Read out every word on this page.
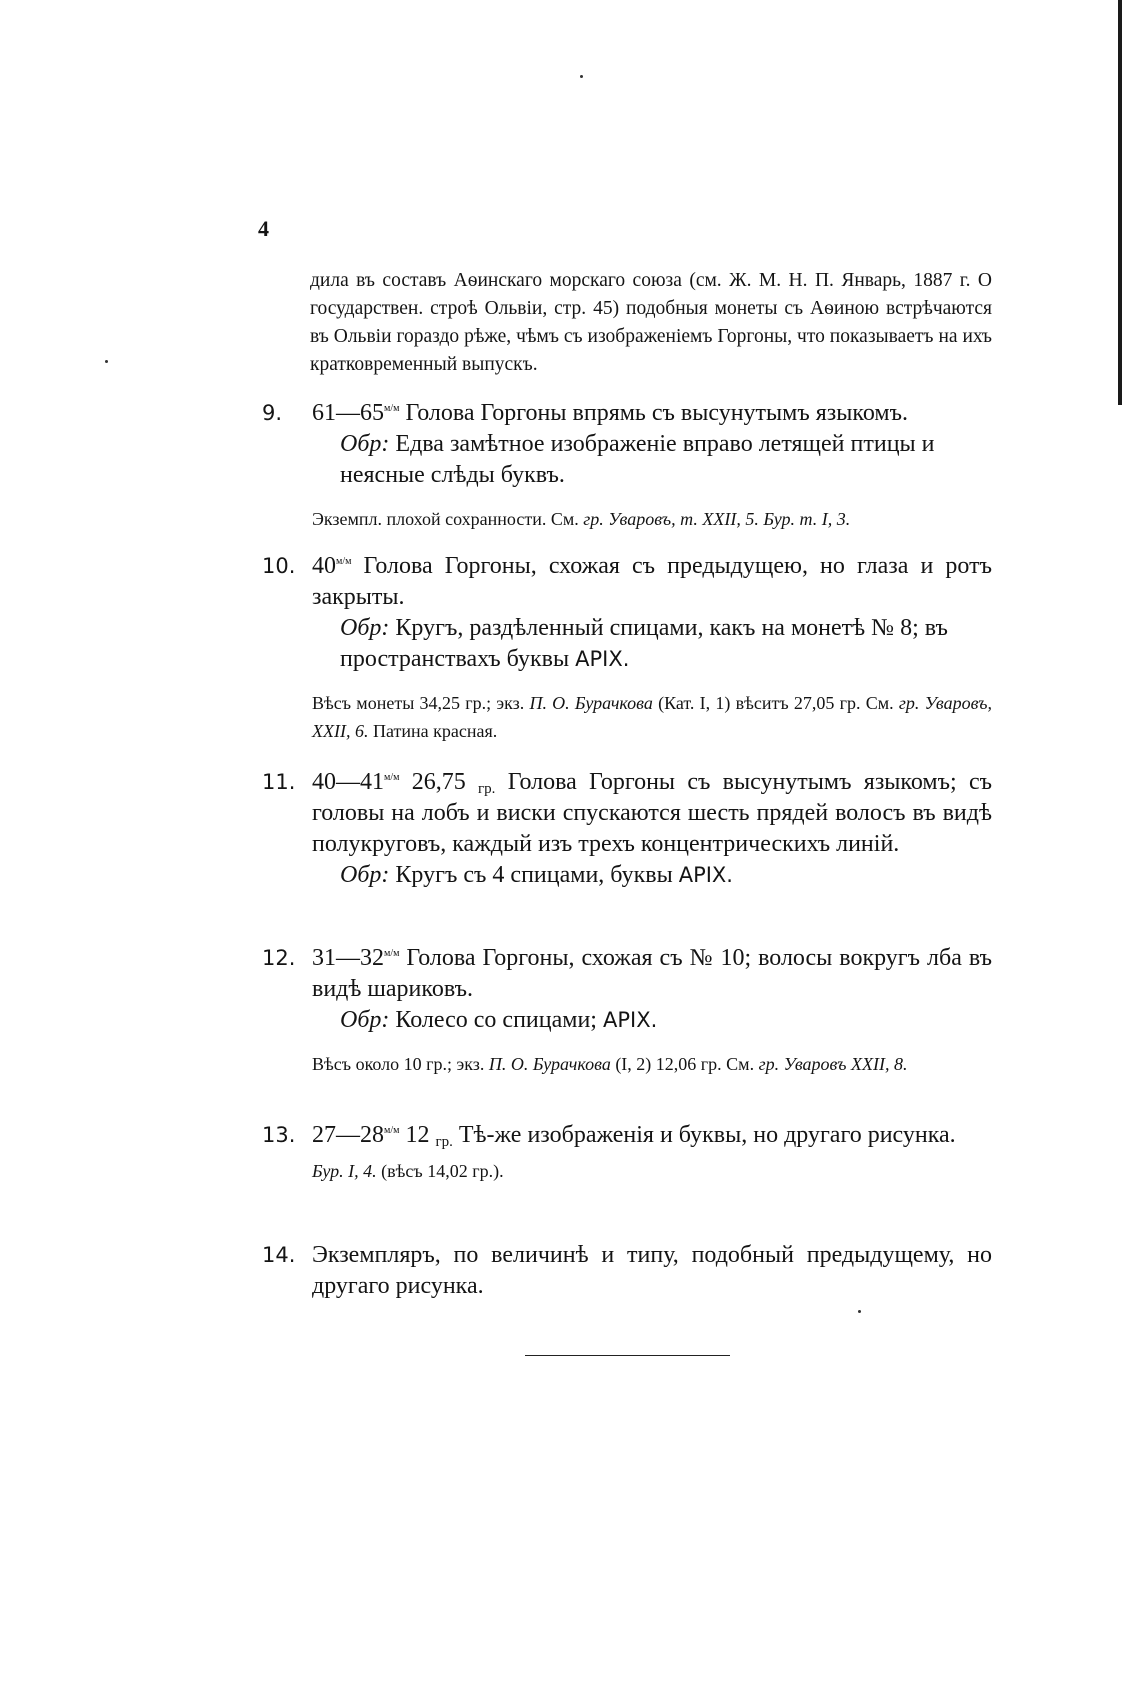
4
дила въ составъ Аѳинскаго морскаго союза (см. Ж. М. Н. П. Январь, 1887 г. О государствен. строѣ Ольвіи, стр. 45) подобныя монеты съ Аѳиною встрѣчаются въ Ольвіи гораздо рѣже, чѣмъ съ изображеніемъ Горгоны, что показываетъ на ихъ кратковременный выпускъ.
9.	$61—65^{м/м}$ Голова Горгоны впрямь съ высунутымъ языкомъ.

Обр: Едва замѣтное изображеніе вправо летящей птицы и неясные слѣды буквъ.

Экземпл. плохой сохранности. См. гр. Уваровъ, т. XXII, 5. Бур. т. I, 3.

10. $40^{м/м}$ Голова Горгоны, схожая съ предыдущею, но глаза и ротъ закрыты.

Обр: Кругъ, раздѣленный спицами, какъ на монетѣ № 8; въ пространствахъ буквы APIX.

Вѣсъ монеты 34,25 гр.; экз. П. О. Бурачкова (Кат. I, 1) вѣситъ 27,05 гр. См. гр. Уваровъ, XXII, 6. Патина красная.

11. $40—41^{м/м}$ 26,75 гр. Голова Горгоны съ высунутымъ языкомъ; съ головы на лобъ и виски спускаются шесть прядей волосъ въ видѣ полукруговъ, каждый изъ трехъ концентрическихъ линій.

Обр: Кругъ съ 4 спицами, буквы APIX.

12. $31—32^{м/м}$ Голова Горгоны, схожая съ № 10; волосы вокругъ лба въ видѣ шариковъ.

Обр: Колесо со спицами; APIX.

Вѣсъ около 10 гр.; экз. П. О. Бурачкова (I, 2) 12,06 гр. См. гр. Уваровъ XXII, 8.

13. $27—28^{м/м}$ 12 гр. Тѣ-же изображенія и буквы, но другаго рисунка.

Бур. I, 4. (вѣсъ 14,02 гр.).

14. Экземпляръ, по величинѣ и типу, подобный предыдущему, но другаго рисунка.
